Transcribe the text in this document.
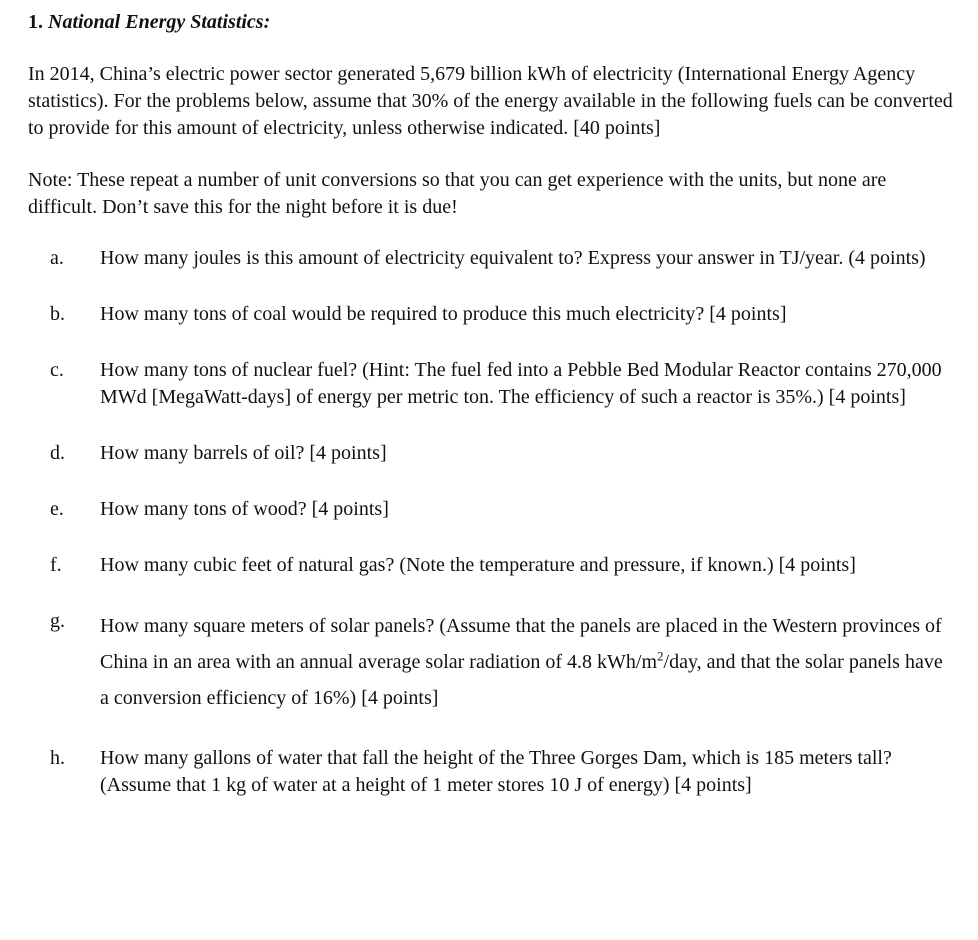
1.
National Energy Statistics:

In 2014, China’s electric power sector generated 5,679 billion kWh of electricity (International Energy Agency statistics). For the problems below, assume that 30% of the energy available in the following fuels can be converted to provide for this amount of electricity, unless otherwise indicated. [40 points]

Note: These repeat a number of unit conversions so that you can get experience with the units, but none are difficult. Don’t save this for the night before it is due!

a.	How many joules is this amount of electricity equivalent to? Express your answer in TJ/year. (4 points)
b.	How many tons of coal would be required to produce this much electricity? [4 points]
c.	How many tons of nuclear fuel? (Hint: The fuel fed into a Pebble Bed Modular Reactor contains 270,000 MWd [MegaWatt-days] of energy per metric ton. The efficiency of such a reactor is 35%.) [4 points]
d.	How many barrels of oil? [4 points]
e.	How many tons of wood? [4 points]
f.	How many cubic feet of natural gas? (Note the temperature and pressure, if known.) [4 points]
g.	How many square meters of solar panels? (Assume that the panels are placed in the Western provinces of China in an area with an annual average solar radiation of 4.8 kWh/$m^2$/day, and that the solar panels have a conversion efficiency of 16%) [4 points]
h.	How many gallons of water that fall the height of the Three Gorges Dam, which is 185 meters tall? (Assume that 1 kg of water at a height of 1 meter stores 10 J of energy) [4 points]
